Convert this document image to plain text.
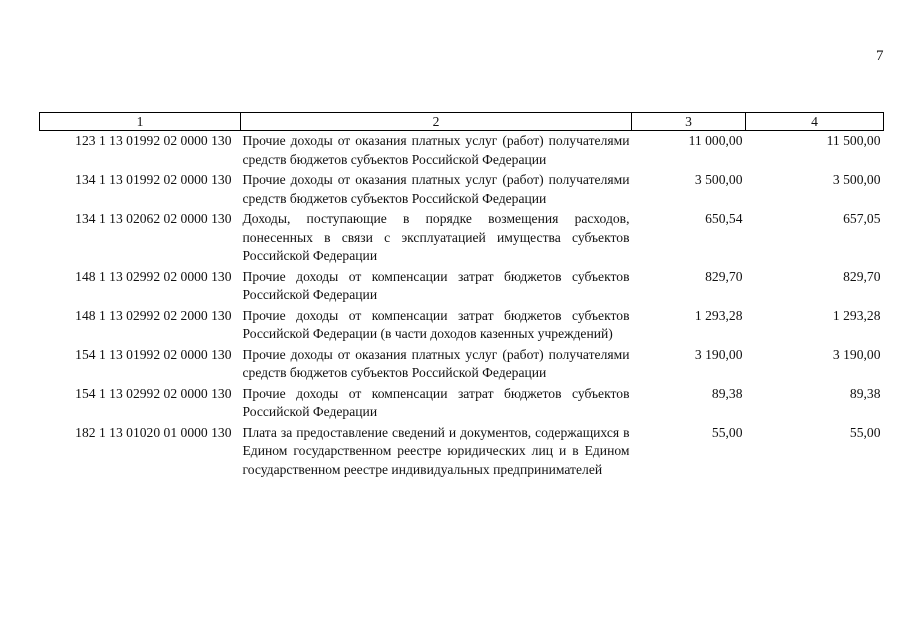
7
1	2	3	4
123 1 13 01992 02 0000 130	Прочие доходы от оказания платных услуг (работ) получателями средств бюджетов субъектов Российской Федерации	11 000,00	11 500,00
134 1 13 01992 02 0000 130	Прочие доходы от оказания платных услуг (работ) получателями средств бюджетов субъектов Российской Федерации	3 500,00	3 500,00
134 1 13 02062 02 0000 130	Доходы, поступающие в порядке возмещения расходов, понесенных в связи с эксплуатацией имущества субъектов Российской Федерации	650,54	657,05
148 1 13 02992 02 0000 130	Прочие доходы от компенсации затрат бюджетов субъектов Российской Федерации	829,70	829,70
148 1 13 02992 02 2000 130	Прочие доходы от компенсации затрат бюджетов субъектов Российской Федерации (в части доходов казенных учреждений)	1 293,28	1 293,28
154 1 13 01992 02 0000 130	Прочие доходы от оказания платных услуг (работ) получателями средств бюджетов субъектов Российской Федерации	3 190,00	3 190,00
154 1 13 02992 02 0000 130	Прочие доходы от компенсации затрат бюджетов субъектов Российской Федерации	89,38	89,38
182 1 13 01020 01 0000 130	Плата за предоставление сведений и документов, содержащихся в Едином государственном реестре юридических лиц и в Едином государственном реестре индивидуальных предпринимателей	55,00	55,00
